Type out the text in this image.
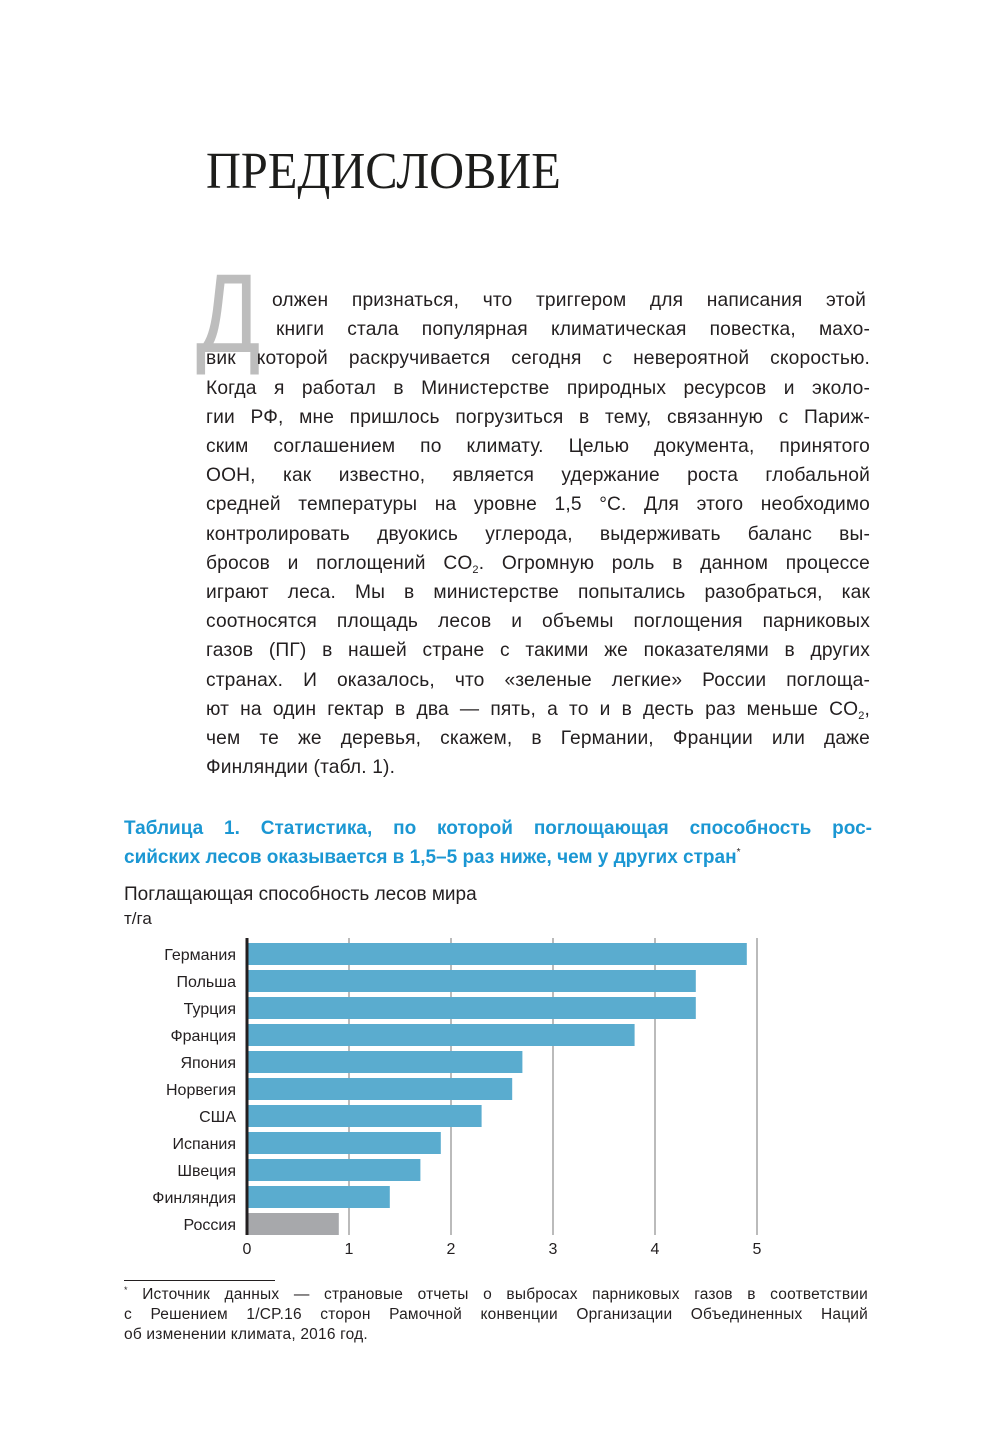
ПРЕДИСЛОВИЕ
Д олжен признаться, что триггером для написания этой
книги стала популярная климатическая повестка, махо-
вик которой раскручивается сегодня с невероятной скоростью.
Когда я работал в Министерстве природных ресурсов и эколо-
гии РФ, мне пришлось погрузиться в тему, связанную с Париж-
ским соглашением по климату. Целью документа, принятого
ООН, как известно, является удержание роста глобальной
средней температуры на уровне 1,5 °C. Для этого необходимо
контролировать двуокись углерода, выдерживать баланс вы-
бросов и поглощений $CO_2$. Огромную роль в данном процессе
играют леса. Мы в министерстве попытались разобраться, как
соотносятся площадь лесов и объемы поглощения парниковых
газов (ПГ) в нашей стране с такими же показателями в других
странах. И оказалось, что «зеленые легкие» России поглоща-
ют на один гектар в два — пять, а то и в десть раз меньше $CO_2$,
чем те же деревья, скажем, в Германии, Франции или даже
Финляндии (табл. 1).
Таблица 1. Статистика, по которой поглощающая способность рос-
сийских лесов оказывается в 1,5–5 раз ниже, чем у других стран*
Поглащающая способность лесов мира
т/га
0	1	2	3	4	5
Германия
Польша
Турция
Франция
Япония
Норвегия
США
Испания
Швеция
Финляндия
Россия
* Источник данных — страновые отчеты о выбросах парниковых газов в соответствии
с Решением 1/CP.16 сторон Рамочной конвенции Организации Объединенных Наций
об изменении климата, 2016 год.
